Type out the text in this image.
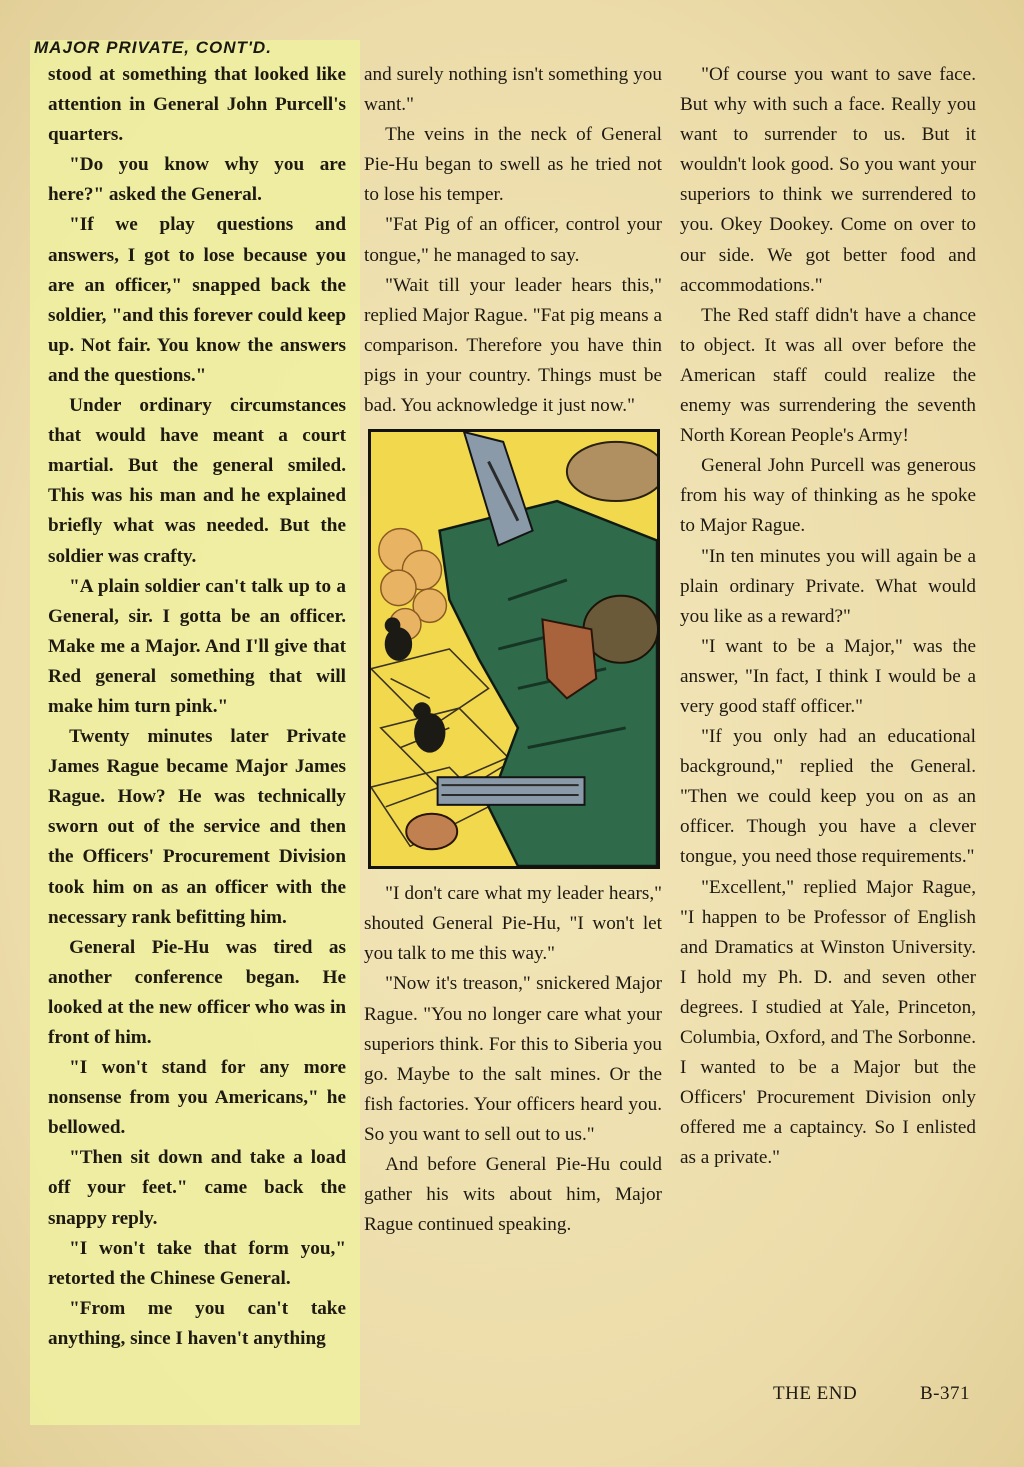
MAJOR PRIVATE, CONT'D.

stood at something that looked like attention in General John Purcell's quarters.

"Do you know why you are here?" asked the General.

"If we play questions and answers, I got to lose because you are an officer," snapped back the soldier, "and this forever could keep up. Not fair. You know the answers and the questions."

Under ordinary circumstances that would have meant a court martial. But the general smiled. This was his man and he explained briefly what was needed. But the soldier was crafty.

"A plain soldier can't talk up to a General, sir. I gotta be an officer. Make me a Major. And I'll give that Red general something that will make him turn pink."

Twenty minutes later Private James Rague became Major James Rague. How? He was technically sworn out of the service and then the Officers' Procurement Division took him on as an officer with the necessary rank befitting him.

General Pie-Hu was tired as another conference began. He looked at the new officer who was in front of him.

"I won't stand for any more nonsense from you Americans," he bellowed.

"Then sit down and take a load off your feet." came back the snappy reply.

"I won't take that form you," retorted the Chinese General.

"From me you can't take anything, since I haven't anything

and surely nothing isn't something you want."

The veins in the neck of General Pie-Hu began to swell as he tried not to lose his temper.

"Fat Pig of an officer, control your tongue," he managed to say.

"Wait till your leader hears this," replied Major Rague. "Fat pig means a comparison. Therefore you have thin pigs in your country. Things must be bad. You acknowledge it just now."

"I don't care what my leader hears," shouted General Pie-Hu, "I won't let you talk to me this way."

"Now it's treason," snickered Major Rague. "You no longer care what your superiors think. For this to Siberia you go. Maybe to the salt mines. Or the fish factories. Your officers heard you. So you want to sell out to us."

And before General Pie-Hu could gather his wits about him, Major Rague continued speaking.

"Of course you want to save face. But why with such a face. Really you want to surrender to us. But it wouldn't look good. So you want your superiors to think we surrendered to you. Okey Dookey. Come on over to our side. We got better food and accommodations."

The Red staff didn't have a chance to object. It was all over before the American staff could realize the enemy was surrendering the seventh North Korean People's Army!

General John Purcell was generous from his way of thinking as he spoke to Major Rague.

"In ten minutes you will again be a plain ordinary Private. What would you like as a reward?"

"I want to be a Major," was the answer, "In fact, I think I would be a very good staff officer."

"If you only had an educational background," replied the General. "Then we could keep you on as an officer. Though you have a clever tongue, you need those requirements."

"Excellent," replied Major Rague, "I happen to be Professor of English and Dramatics at Winston University. I hold my Ph. D. and seven other degrees. I studied at Yale, Princeton, Columbia, Oxford, and The Sorbonne. I wanted to be a Major but the Officers' Procurement Division only offered me a captaincy. So I enlisted as a private."

THE END	B-371
